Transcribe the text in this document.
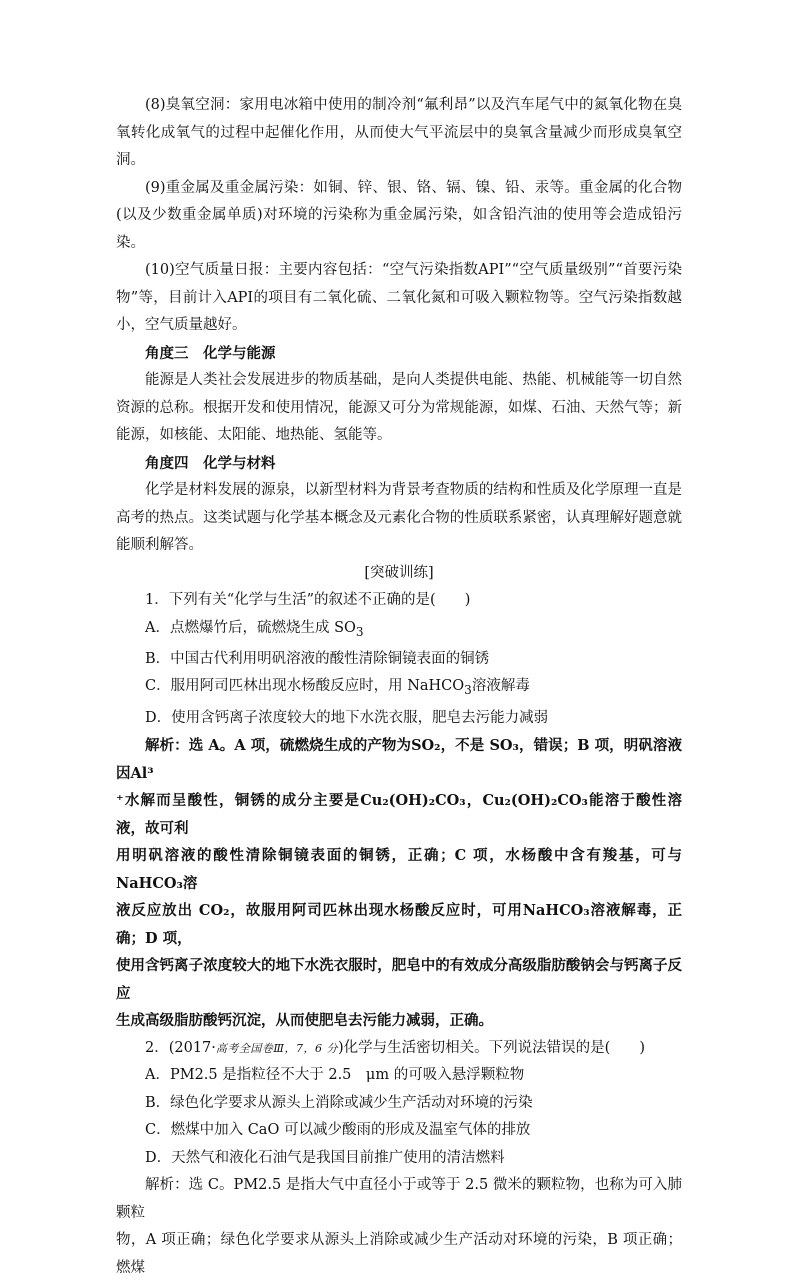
(8)臭氧空洞：家用电冰箱中使用的制冷剂“氟利昂”以及汽车尾气中的氮氧化物在臭氧转化成氧气的过程中起催化作用，从而使大气平流层中的臭氧含量减少而形成臭氧空洞。

(9)重金属及重金属污染：如铜、锌、银、铬、镉、镍、铅、汞等。重金属的化合物(以及少数重金属单质)对环境的污染称为重金属污染，如含铅汽油的使用等会造成铅污染。

(10)空气质量日报：主要内容包括：“空气污染指数API”“空气质量级别”“首要污染物”等，目前计入API的项目有二氧化硫、二氧化氮和可吸入颗粒物等。空气污染指数越小，空气质量越好。

角度三　化学与能源

能源是人类社会发展进步的物质基础，是向人类提供电能、热能、机械能等一切自然资源的总称。根据开发和使用情况，能源又可分为常规能源，如煤、石油、天然气等；新能源，如核能、太阳能、地热能、氢能等。

角度四　化学与材料

化学是材料发展的源泉，以新型材料为背景考查物质的结构和性质及化学原理一直是高考的热点。这类试题与化学基本概念及元素化合物的性质联系紧密，认真理解好题意就能顺利解答。

[突破训练]

1．下列有关“化学与生活”的叙述不正确的是(　　)

A．点燃爆竹后，硫燃烧生成 $SO_3$

B．中国古代利用明矾溶液的酸性清除铜镜表面的铜锈

C．服用阿司匹林出现水杨酸反应时，用 NaHCO$_3$溶液解毒

D．使用含钙离子浓度较大的地下水洗衣服，肥皂去污能力减弱

解析：选 A。A 项，硫燃烧生成的产物为SO₂，不是 SO₃，错误；B 项，明矾溶液因Al³

⁺水解而呈酸性，铜锈的成分主要是Cu₂(OH)₂CO₃，Cu₂(OH)₂CO₃能溶于酸性溶液，故可利

用明矾溶液的酸性清除铜镜表面的铜锈，正确；C 项，水杨酸中含有羧基，可与 NaHCO₃溶

液反应放出 CO₂，故服用阿司匹林出现水杨酸反应时，可用NaHCO₃溶液解毒，正确；D 项，

使用含钙离子浓度较大的地下水洗衣服时，肥皂中的有效成分高级脂肪酸钠会与钙离子反应

生成高级脂肪酸钙沉淀，从而使肥皂去污能力减弱，正确。

2．(2017·高考全国卷Ⅲ，7，6 分)化学与生活密切相关。下列说法错误的是(　　)

A．PM2.5 是指粒径不大于 2.5　μm 的可吸入悬浮颗粒物

B．绿色化学要求从源头上消除或减少生产活动对环境的污染

C．燃煤中加入 CaO 可以减少酸雨的形成及温室气体的排放

D．天然气和液化石油气是我国目前推广使用的清洁燃料

解析：选 C。PM2.5 是指大气中直径小于或等于 2.5 微米的颗粒物，也称为可入肺颗粒

物，A 项正确；绿色化学要求从源头上消除或减少生产活动对环境的污染，B 项正确；燃煤
